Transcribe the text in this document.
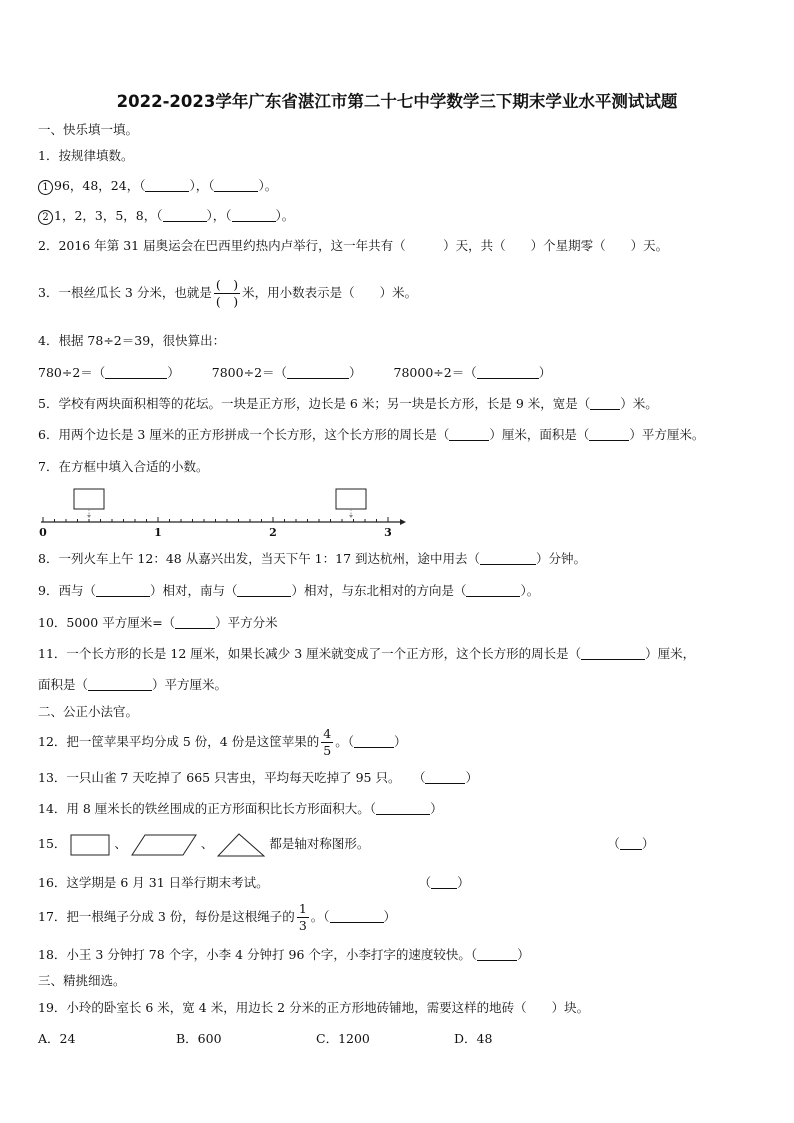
2022-2023学年广东省湛江市第二十七中学数学三下期末学业水平测试试题
一、快乐填一填。
1．按规律填数。
1 96，48，24，（	），（	）。
2 1，2，3，5，8，（	），（	）。
2．2016 年第 31 届奥运会在巴西里约热内卢举行，这一年共有（　　　）天，共（　　）个星期零（　　）天。
3．一根丝瓜长 3 分米，也就是 $\frac{( )}{( )}$ 米，用小数表示是（　　）米。
4．根据 78÷2＝39，很快算出：
780÷2＝（	）	7800÷2＝（	）	78000÷2＝（	）
5．学校有两块面积相等的花坛。一块是正方形，边长是 6 米；另一块是长方形，长是 9 米，宽是（ ）米。
6．用两个边长是 3 厘米的正方形拼成一个长方形，这个长方形的周长是（	）厘米，面积是（	）平方厘米。
7．在方框中填入合适的小数。
0	1	2	3
8．一列火车上午 12：48 从嘉兴出发，当天下午 1：17 到达杭州，途中用去（	）分钟。
9．西与（	）相对，南与（	）相对，与东北相对的方向是（	）。
10．5000 平方厘米=（	）平方分米
11．一个长方形的长是 12 厘米，如果长减少 3 厘米就变成了一个正方形，这个长方形的周长是（	）厘米，
面积是（	）平方厘米。
二、公正小法官。
12．把一筐苹果平均分成 5 份，4 份是这筐苹果的 $\frac{4}{5}$ 。（	）
13．一只山雀 7 天吃掉了 665 只害虫，平均每天吃掉了 95 只。　　（	）
14．用 8 厘米长的铁丝围成的正方形面积比长方形面积大。（	）
15．	、	、	都是轴对称图形。	（ ）
16．这学期是 6 月 31 日举行期末考试。	（ ）
17．把一根绳子分成 3 份，每份是这根绳子的 $\frac{1}{3}$ 。（	）
18．小王 3 分钟打 78 个字，小李 4 分钟打 96 个字，小李打字的速度较快。（	）
三、精挑细选。
19．小玲的卧室长 6 米，宽 4 米，用边长 2 分米的正方形地砖铺地，需要这样的地砖（　　）块。
A．24	B．600	C．1200	D．48
